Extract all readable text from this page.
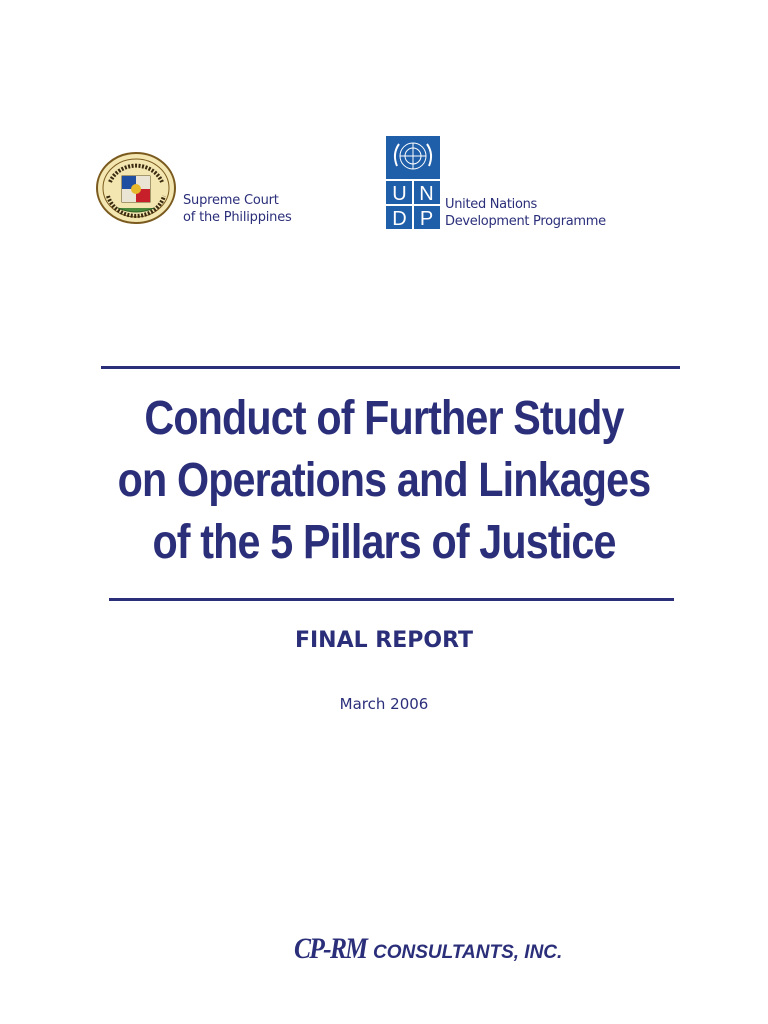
Supreme Court
of the Philippines
U N
D P
United Nations
Development Programme
Conduct of Further Study
on Operations and Linkages
of the 5 Pillars of Justice
FINAL REPORT
March 2006
CP-RM CONSULTANTS, INC.
